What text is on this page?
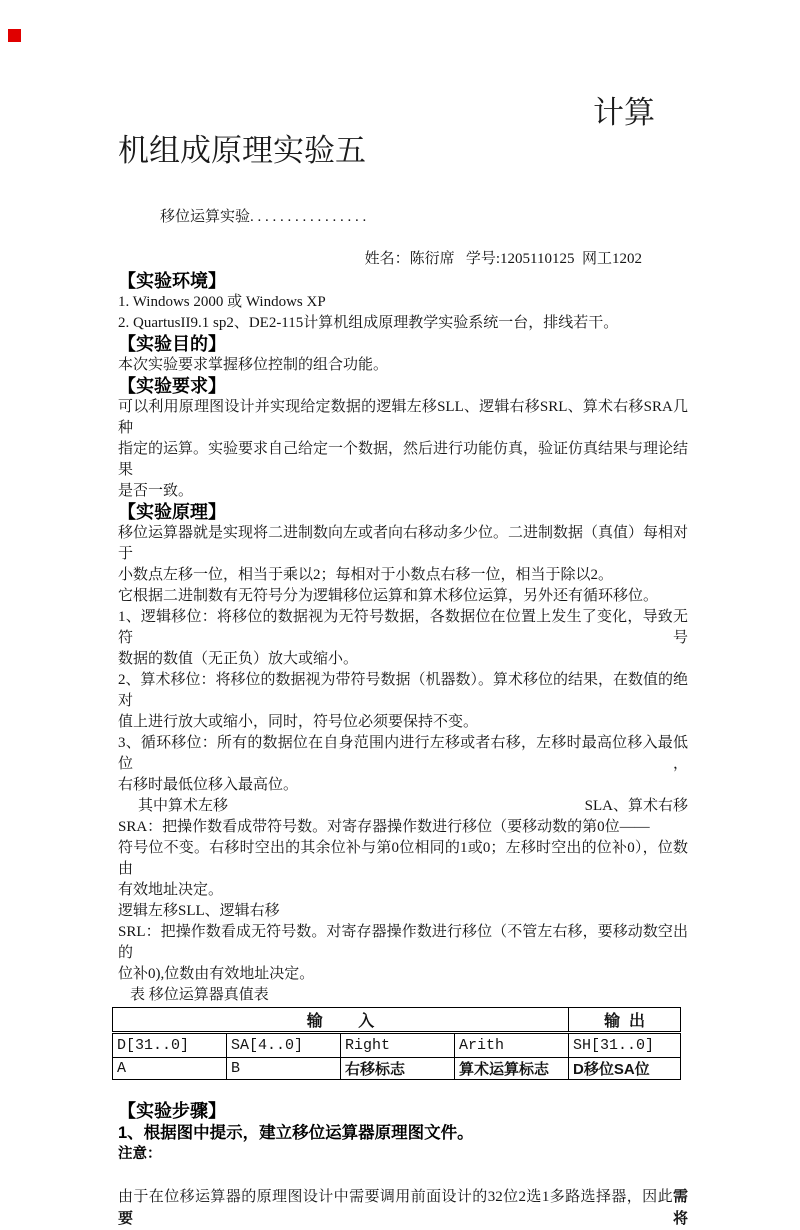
计算
机组成原理实验五
移位运算实验. . . . . . . . . . . . . . . .
姓名：陈衍席   学号:1205110125  网工1202
【实验环境】
1. Windows 2000 或 Windows XP
2. QuartusII9.1 sp2、DE2-115计算机组成原理教学实验系统一台，排线若干。
【实验目的】
本次实验要求掌握移位控制的组合功能。
【实验要求】
可以利用原理图设计并实现给定数据的逻辑左移SLL、逻辑右移SRL、算术右移SRA几种
指定的运算。实验要求自己给定一个数据，然后进行功能仿真，验证仿真结果与理论结果
是否一致。
【实验原理】
移位运算器就是实现将二进制数向左或者向右移动多少位。二进制数据（真值）每相对于
小数点左移一位，相当于乘以2；每相对于小数点右移一位，相当于除以2。
它根据二进制数有无符号分为逻辑移位运算和算术移位运算，另外还有循环移位。
1、逻辑移位：将移位的数据视为无符号数据，各数据位在位置上发生了变化，导致无符号
数据的数值（无正负）放大或缩小。
2、算术移位：将移位的数据视为带符号数据（机器数）。算术移位的结果，在数值的绝对
值上进行放大或缩小，同时，符号位必须要保持不变。
3、循环移位：所有的数据位在自身范围内进行左移或者右移，左移时最高位移入最低位，
右移时最低位移入最高位。
其中算术左移	SLA、算术右移
SRA：把操作数看成带符号数。对寄存器操作数进行移位（要移动数的第0位——
符号位不变。右移时空出的其余位补与第0位相同的1或0；左移时空出的位补0），位数由
有效地址决定。
逻辑左移SLL、逻辑右移
SRL：把操作数看成无符号数。对寄存器操作数进行移位（不管左右移，要移动数空出的
位补0),位数由有效地址决定。
表 移位运算器真值表
输        入				输  出
D[31..0]	SA[4..0]	Right	Arith	SH[31..0]
A	B	右移标志	算术运算标志	D移位SA位
【实验步骤】
1、根据图中提示，建立移位运算器原理图文件。
注意：
由于在位移运算器的原理图设计中需要调用前面设计的32位2选1多路选择器，因此需要将
